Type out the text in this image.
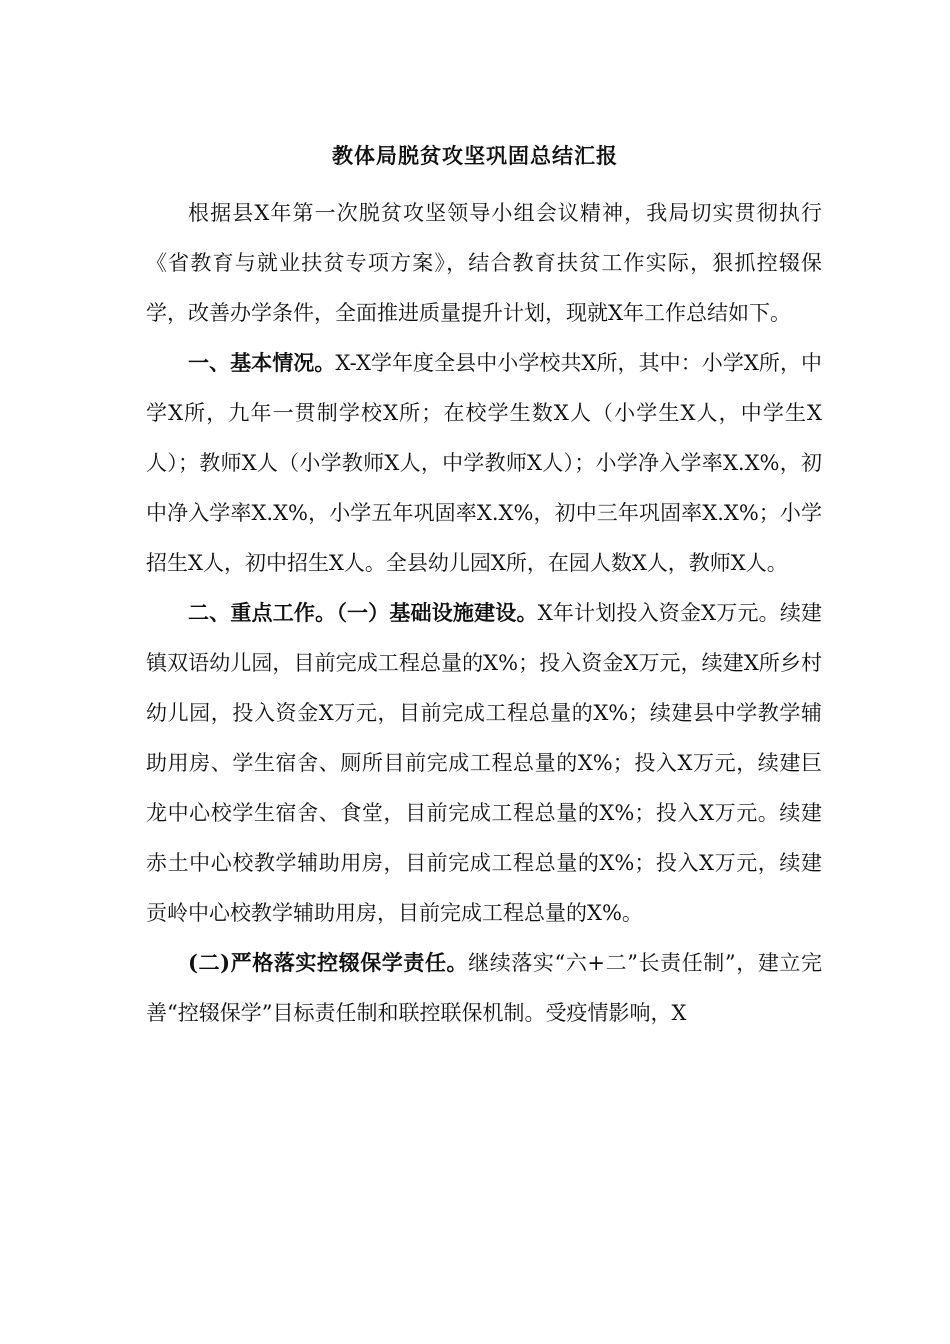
教体局脱贫攻坚巩固总结汇报

根据县X年第一次脱贫攻坚领导小组会议精神，我局切实贯彻执行《省教育与就业扶贫专项方案》，结合教育扶贫工作实际，狠抓控辍保学，改善办学条件，全面推进质量提升计划，现就X年工作总结如下。

一、基本情况。X-X学年度全县中小学校共X所，其中：小学X所，中学X所，九年一贯制学校X所；在校学生数X人（小学生X人，中学生X人）；教师X人（小学教师X人，中学教师X人）；小学净入学率X.X%，初中净入学率X.X%，小学五年巩固率X.X%，初中三年巩固率X.X%；小学招生X人，初中招生X人。全县幼儿园X所，在园人数X人，教师X人。

二、重点工作。（一）基础设施建设。X年计划投入资金X万元。续建镇双语幼儿园，目前完成工程总量的X%；投入资金X万元，续建X所乡村幼儿园，投入资金X万元，目前完成工程总量的X%；续建县中学教学辅助用房、学生宿舍、厕所目前完成工程总量的X%；投入X万元，续建巨龙中心校学生宿舍、食堂，目前完成工程总量的X%；投入X万元。续建赤土中心校教学辅助用房，目前完成工程总量的X%；投入X万元，续建贡岭中心校教学辅助用房，目前完成工程总量的X%。

(二)严格落实控辍保学责任。继续落实“六+二”长责任制”，建立完善“控辍保学”目标责任制和联控联保机制。受疫情影响，X
